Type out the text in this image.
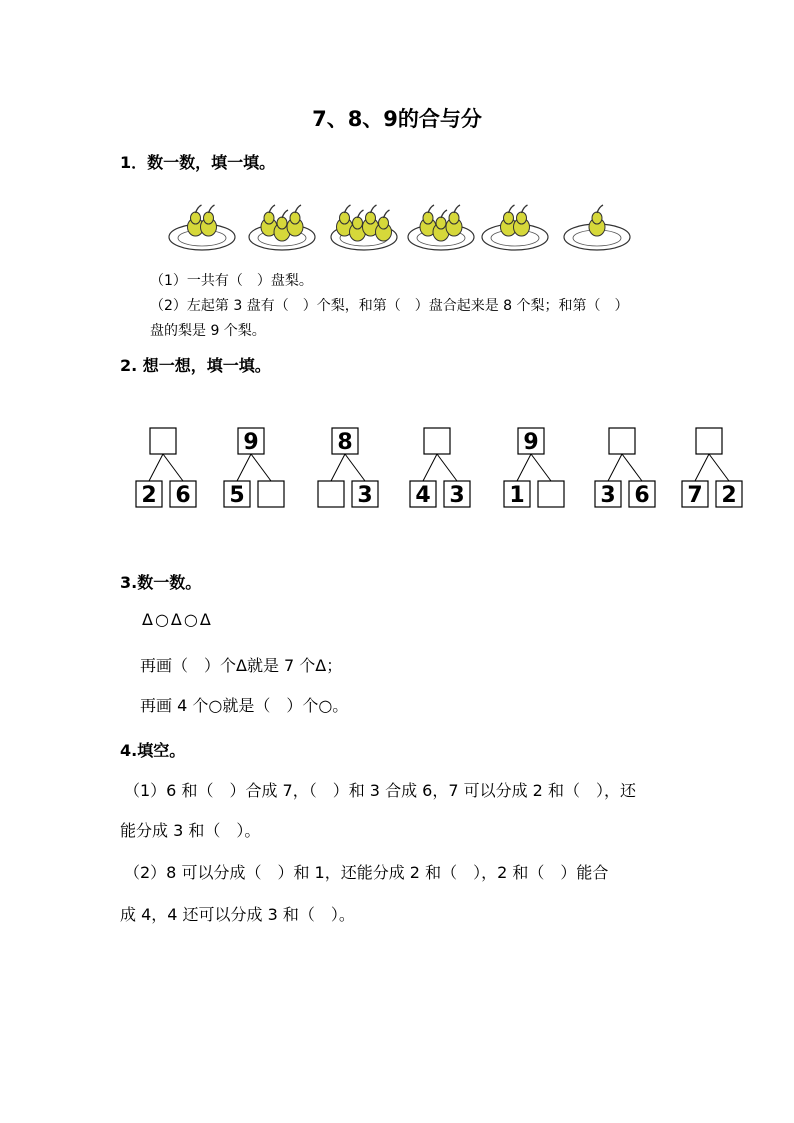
7、8、9的合与分
1．数一数，填一填。
（1）一共有（　）盘梨。
（2）左起第 3 盘有（　）个梨，和第（　）盘合起来是 8 个梨；和第（　）
盘的梨是 9 个梨。
2. 想一想，填一填。
2 6
9
5
8
3 4 3
9
1	3 6 7 2
3.数一数。
Δ○Δ○Δ
再画（　）个Δ就是 7 个Δ；
再画 4 个○就是（　）个○。
4.填空。
（1）6 和（　）合成 7，（　）和 3 合成 6，7 可以分成 2 和（　），还
能分成 3 和（　）。
（2）8 可以分成（　）和 1，还能分成 2 和（　），2 和（　）能合
成 4，4 还可以分成 3 和（　）。
